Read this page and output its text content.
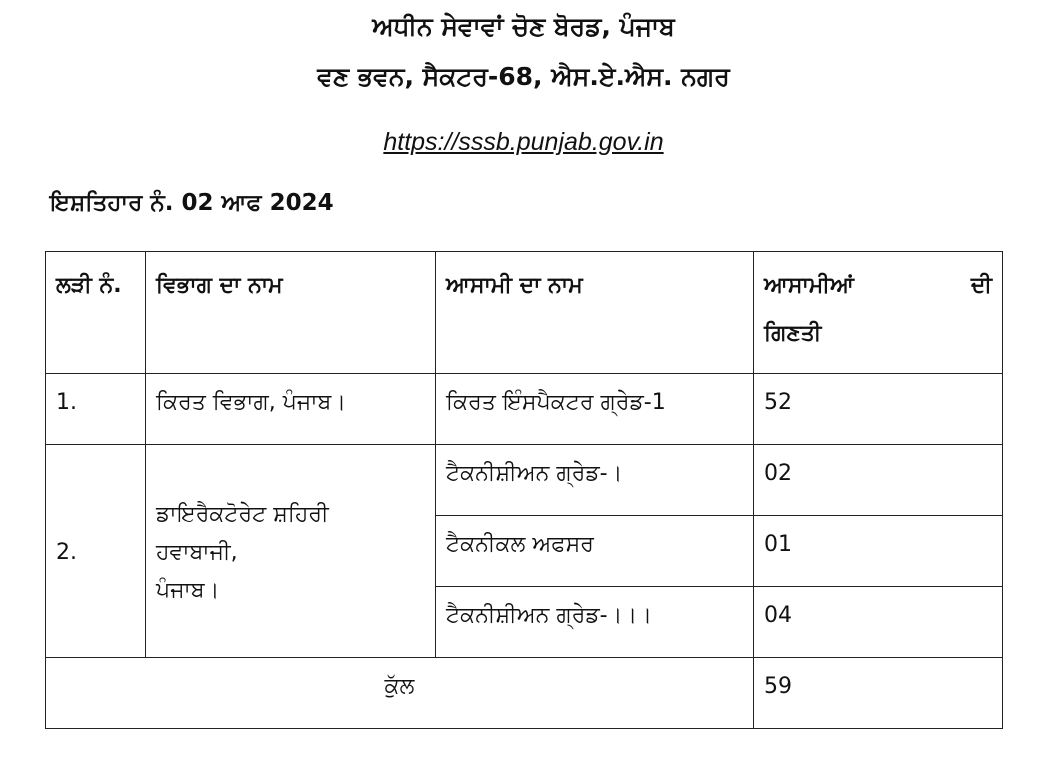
ਅਧੀਨ ਸੇਵਾਵਾਂ ਚੋਣ ਬੋਰਡ, ਪੰਜਾਬ
ਵਣ ਭਵਨ, ਸੈਕਟਰ-68, ਐਸ.ਏ.ਐਸ. ਨਗਰ
https://sssb.punjab.gov.in
ਇਸ਼ਤਿਹਾਰ ਨੰ. 02 ਆਫ 2024
ਲੜੀ ਨੰ.	ਵਿਭਾਗ ਦਾ ਨਾਮ	ਆਸਾਮੀ ਦਾ ਨਾਮ	ਆਸਾਮੀਆਂ ਦੀ
ਗਿਣਤੀ

1.	ਕਿਰਤ ਵਿਭਾਗ, ਪੰਜਾਬ।	ਕਿਰਤ ਇੰਸਪੈਕਟਰ ਗ੍ਰੇਡ-1	52
2.	ਡਾਇਰੈਕਟੋਰੇਟ ਸ਼ਹਿਰੀ
ਹਵਾਬਾਜੀ,
ਪੰਜਾਬ।	ਟੈਕਨੀਸ਼ੀਅਨ ਗ੍ਰੇਡ-।	02
		ਟੈਕਨੀਕਲ ਅਫਸਰ	01
		ਟੈਕਨੀਸ਼ੀਅਨ ਗ੍ਰੇਡ-।।।	04
ਕੁੱਲ			59
